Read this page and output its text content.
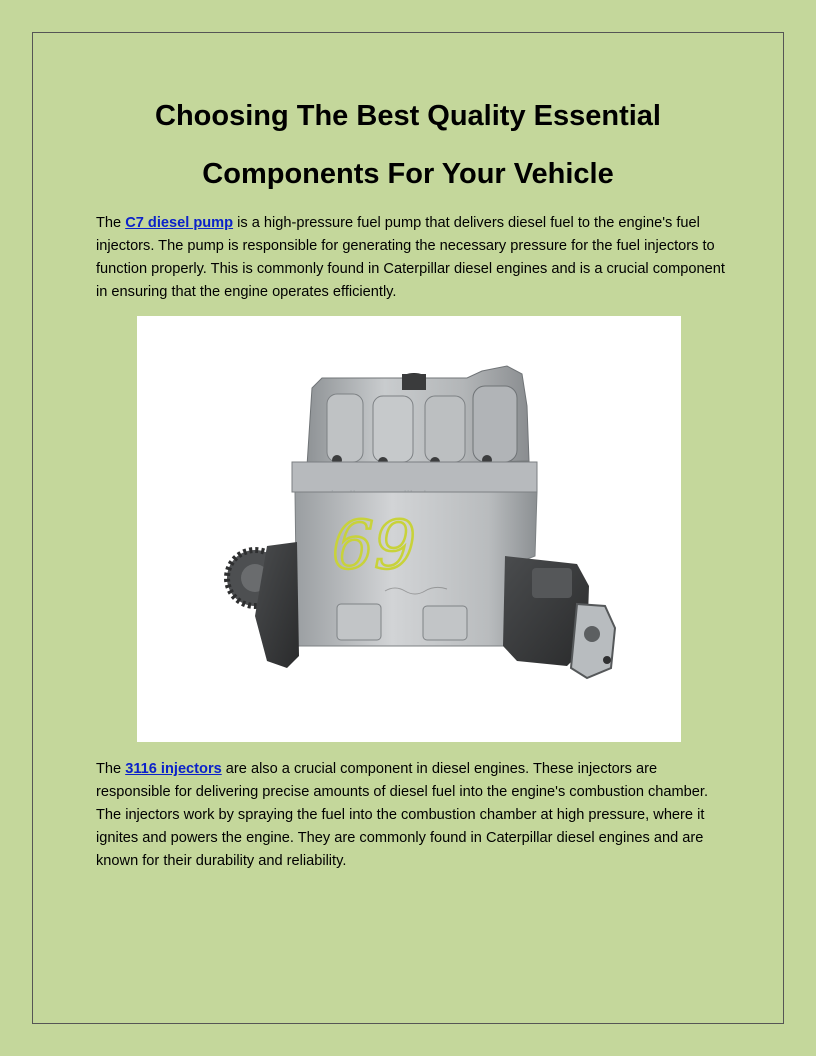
Choosing The Best Quality Essential
Components For Your Vehicle

The C7 diesel pump is a high-pressure fuel pump that delivers diesel fuel to the engine's fuel injectors. The pump is responsible for generating the necessary pressure for the fuel injectors to function properly. This is commonly found in Caterpillar diesel engines and is a crucial component in ensuring that the engine operates efficiently.

69

The 3116 injectors are also a crucial component in diesel engines. These injectors are responsible for delivering precise amounts of diesel fuel into the engine's combustion chamber. The injectors work by spraying the fuel into the combustion chamber at high pressure, where it ignites and powers the engine. They are commonly found in Caterpillar diesel engines and are known for their durability and reliability.
